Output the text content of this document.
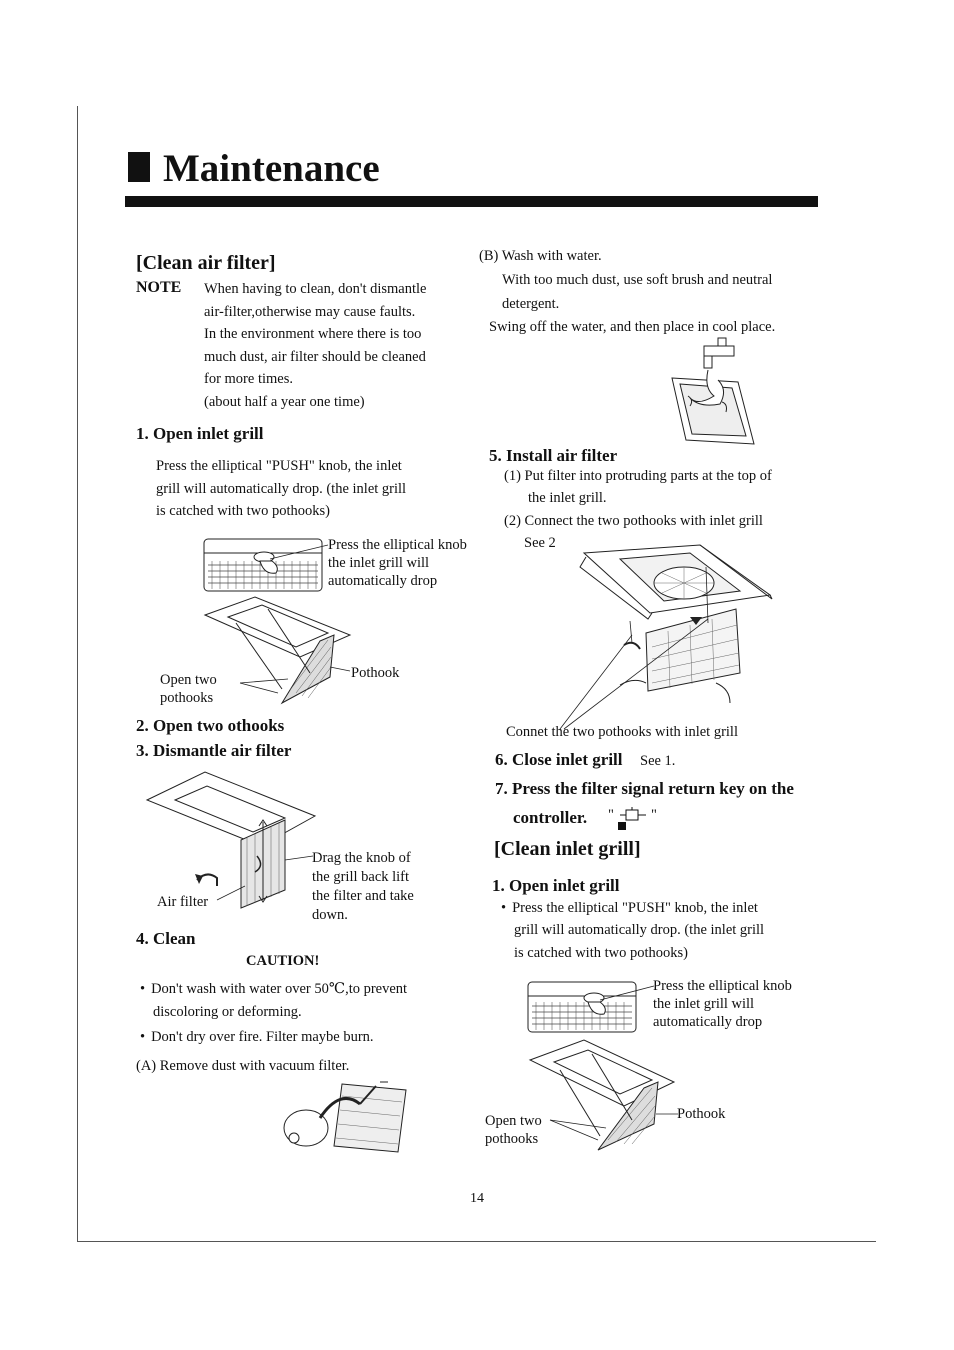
Maintenance
[Clean air filter]
NOTE When having to clean, don't dismantle
air-filter,otherwise may cause faults.
In the environment where there is too
much dust, air filter should be cleaned
for more times.
(about half a year one time)
1. Open inlet grill
Press the elliptical "PUSH" knob, the inlet
grill will automatically drop. (the inlet grill
is catched with two pothooks)
Press the elliptical knob
the inlet grill will
automatically drop
Open two
pothooks
Pothook
2. Open two othooks
3. Dismantle air filter
Drag the knob of
the grill back lift
the filter and take
down.
Air filter
4. Clean
CAUTION!
• Don't wash with water over 50℃,to prevent
discoloring or deforming.
• Don't dry over fire. Filter maybe burn.
(A) Remove dust with vacuum filter.
(B) Wash with water.
With too much dust, use soft brush and neutral
detergent.
Swing off the water, and then place in cool place.
5. Install air filter
(1) Put filter into protruding parts at the top of
the inlet grill.
(2) Connect the two pothooks with inlet grill
See 2
Connet the two pothooks with inlet grill
6. Close inlet grill See 1.
7. Press the filter signal return key on the
controller. "	"
[Clean inlet grill]
1. Open inlet grill
• Press the elliptical "PUSH" knob, the inlet
grill will automatically drop. (the inlet grill
is catched with two pothooks)
Press the elliptical knob
the inlet grill will
automatically drop
Open two
pothooks
Pothook
14
